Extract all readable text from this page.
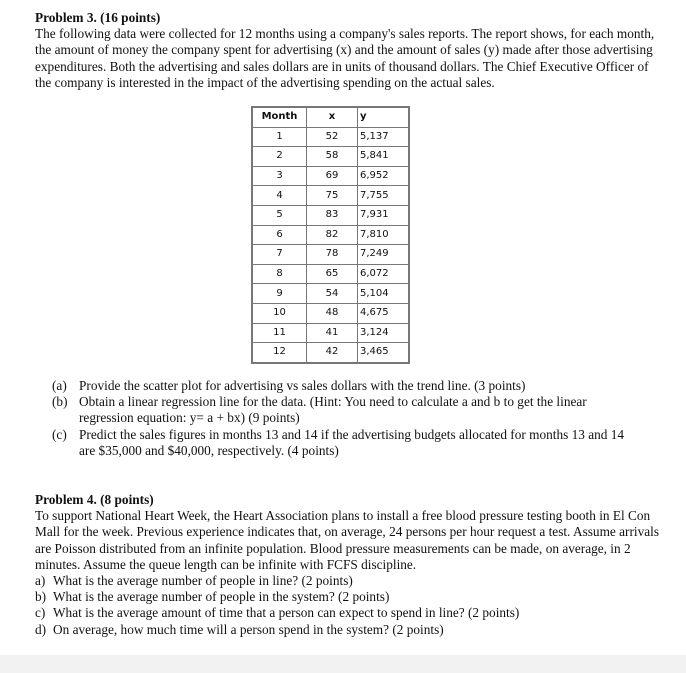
Problem 3. (16 points)

The following data were collected for 12 months using a company's sales reports. The report shows, for each month, the amount of money the company spent for advertising (x) and the amount of sales (y) made after those advertising expenditures. Both the advertising and sales dollars are in units of thousand dollars. The Chief Executive Officer of the company is interested in the impact of the advertising spending on the actual sales.

Month	x	y
1	52	5,137
2	58	5,841
3	69	6,952
4	75	7,755
5	83	7,931
6	82	7,810
7	78	7,249
8	65	6,072
9	54	5,104
10	48	4,675
11	41	3,124
12	42	3,465
(a) Provide the scatter plot for advertising vs sales dollars with the trend line. (3 points)
(b) Obtain a linear regression line for the data. (Hint: You need to calculate a and b to get the linear regression equation: y= a + bx) (9 points)
(c) Predict the sales figures in months 13 and 14 if the advertising budgets allocated for months 13 and 14 are $35,000 and $40,000, respectively. (4 points)
Problem 4. (8 points)

To support National Heart Week, the Heart Association plans to install a free blood pressure testing booth in El Con Mall for the week. Previous experience indicates that, on average, 24 persons per hour request a test. Assume arrivals are Poisson distributed from an infinite population. Blood pressure measurements can be made, on average, in 2 minutes. Assume the queue length can be infinite with FCFS discipline.

a) What is the average number of people in line? (2 points)
b) What is the average number of people in the system? (2 points)
c) What is the average amount of time that a person can expect to spend in line? (2 points)
d) On average, how much time will a person spend in the system? (2 points)
